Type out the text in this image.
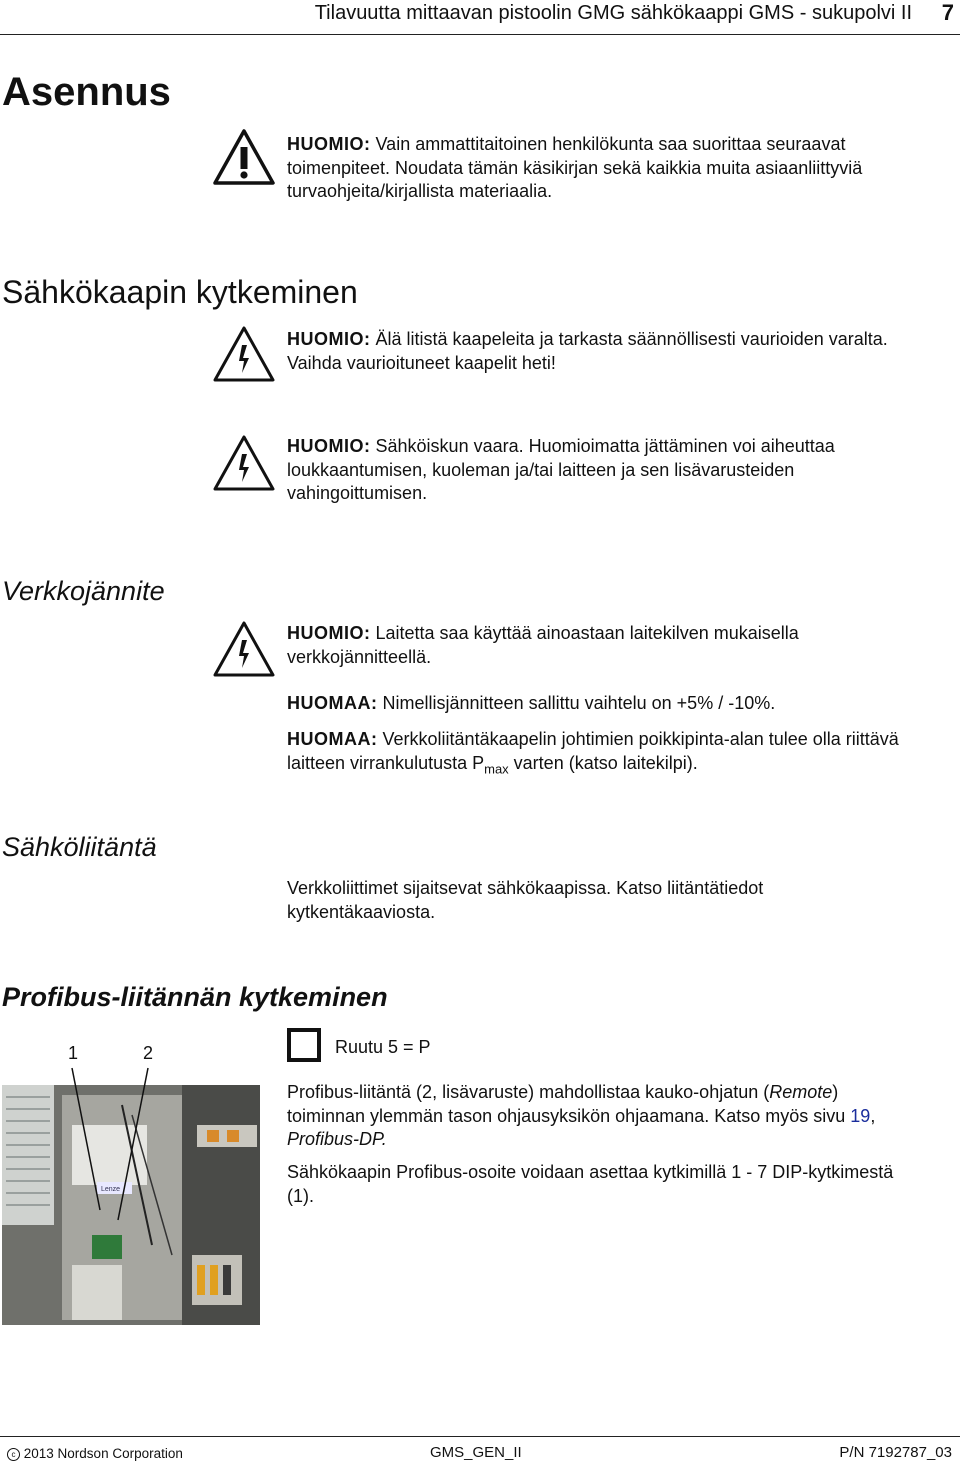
Tilavuutta mittaavan pistoolin GMG sähkökaappi GMS - sukupolvi II 7
Asennus
HUOMIO: Vain ammattitaitoinen henkilökunta saa suorittaa seuraavat
toimenpiteet. Noudata tämän käsikirjan sekä kaikkia muita asiaanliittyviä
turvaohjeita/kirjallista materiaalia.
Sähkökaapin kytkeminen
HUOMIO: Älä litistä kaapeleita ja tarkasta säännöllisesti vaurioiden varalta.
Vaihda vaurioituneet kaapelit heti!
HUOMIO: Sähköiskun vaara. Huomioimatta jättäminen voi aiheuttaa
loukkaantumisen, kuoleman ja/tai laitteen ja sen lisävarusteiden
vahingoittumisen.
Verkkojännite
HUOMIO: Laitetta saa käyttää ainoastaan laitekilven mukaisella
verkkojännitteellä.
HUOMAA: Nimellisjännitteen sallittu vaihtelu on +5% / -10%.
HUOMAA: Verkkoliitäntäkaapelin johtimien poikkipinta-alan tulee olla riittävä
laitteen virrankulutusta $P_{max}$ varten (katso laitekilpi).
Sähköliitäntä
Verkkoliittimet sijaitsevat sähkökaapissa. Katso liitäntätiedot
kytkentäkaaviosta.
Profibus-liitännän kytkeminen
1	2
Lenze
Ruutu 5 = P
Profibus-liitäntä (2, lisävaruste) mahdollistaa kauko-ohjatun (Remote)
toiminnan ylemmän tason ohjausyksikön ohjaamana. Katso myös sivu 19,
Profibus-DP.
Sähkökaapin Profibus-osoite voidaan asettaa kytkimillä 1 - 7 DIP-kytkimestä
(1).
c 2013 Nordson Corporation	GMS_GEN_II	P/N 7192787_03
